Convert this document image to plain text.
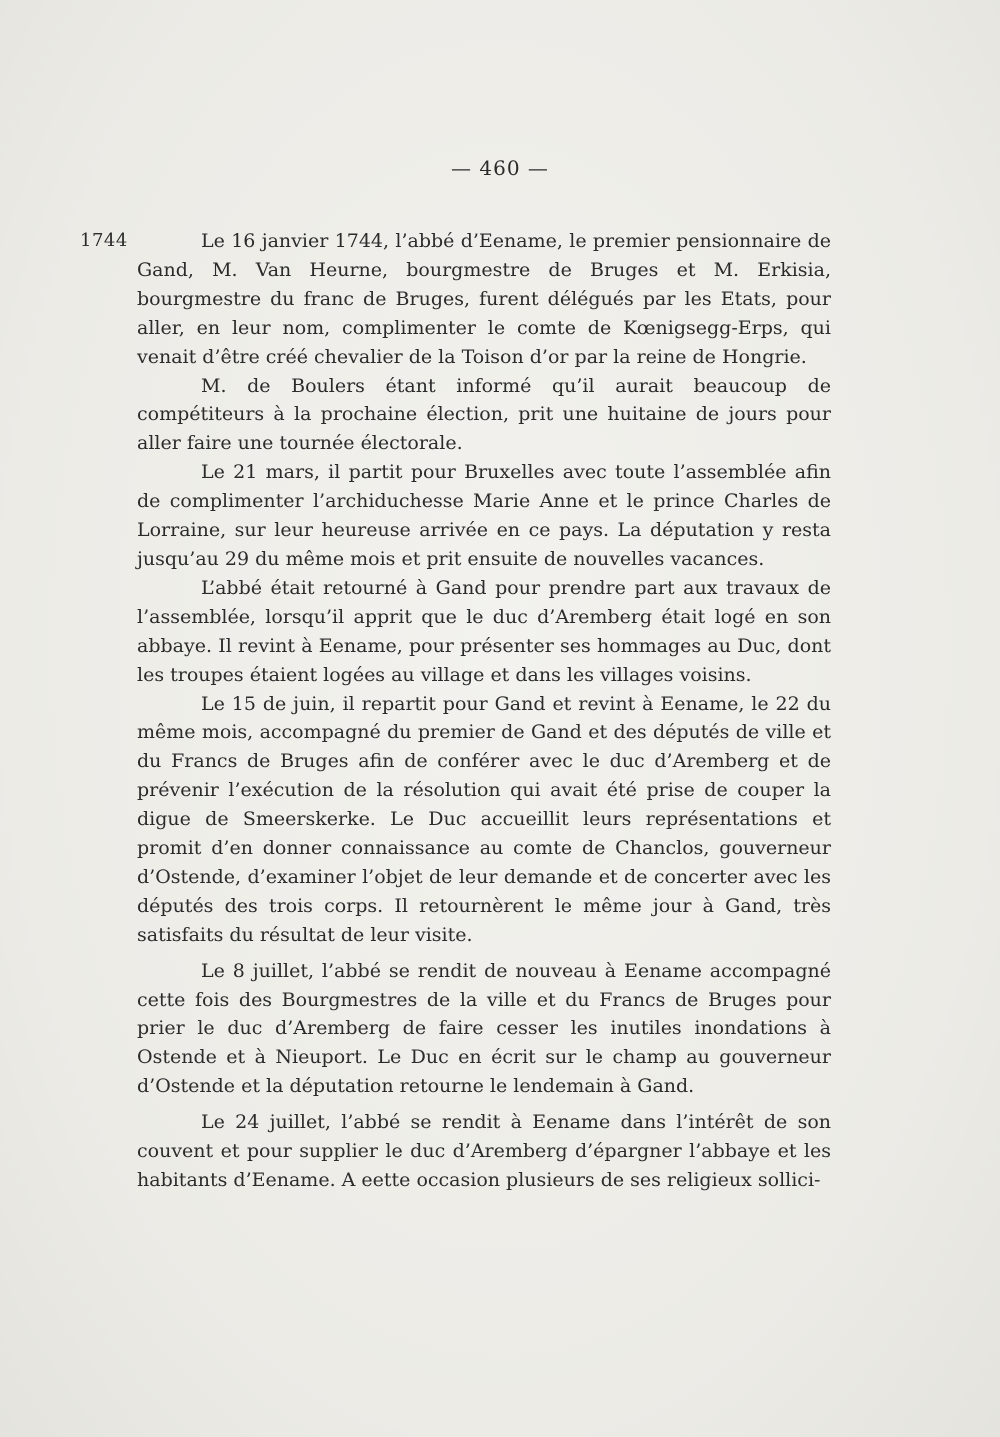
— 460 —
1744	Le 16 janvier 1744, l’abbé d’Eename, le premier pensionnaire de Gand, M. Van Heurne, bourgmestre de Bruges et M. Erkisia, bourgmestre du franc de Bruges, furent délégués par les Etats, pour aller, en leur nom, complimenter le comte de Kœnigsegg-Erps, qui venait d’être créé chevalier de la Toison d’or par la reine de Hongrie.

M. de Boulers étant informé qu’il aurait beaucoup de compétiteurs à la prochaine élection, prit une huitaine de jours pour aller faire une tournée électorale.

Le 21 mars, il partit pour Bruxelles avec toute l’assemblée afin de complimenter l’archiduchesse Marie Anne et le prince Charles de Lorraine, sur leur heureuse arrivée en ce pays. La députation y resta jusqu’au 29 du même mois et prit ensuite de nouvelles vacances.

L’abbé était retourné à Gand pour prendre part aux travaux de l’assemblée, lorsqu’il apprit que le duc d’Aremberg était logé en son abbaye. Il revint à Eename, pour présenter ses hommages au Duc, dont les troupes étaient logées au village et dans les villages voisins.

Le 15 de juin, il repartit pour Gand et revint à Eename, le 22 du même mois, accompagné du premier de Gand et des députés de ville et du Francs de Bruges afin de conférer avec le duc d’Aremberg et de prévenir l’exécution de la résolution qui avait été prise de couper la digue de Smeerskerke. Le Duc accueillit leurs représentations et promit d’en donner connaissance au comte de Chanclos, gouverneur d’Ostende, d’examiner l’objet de leur demande et de concerter avec les députés des trois corps. Il retournèrent le même jour à Gand, très satisfaits du résultat de leur visite.

Le 8 juillet, l’abbé se rendit de nouveau à Eename accompagné cette fois des Bourgmestres de la ville et du Francs de Bruges pour prier le duc d’Aremberg de faire cesser les inutiles inondations à Ostende et à Nieuport. Le Duc en écrit sur le champ au gouverneur d’Ostende et la députation retourne le lendemain à Gand.

Le 24 juillet, l’abbé se rendit à Eename dans l’intérêt de son couvent et pour supplier le duc d’Aremberg d’épargner l’abbaye et les habitants d’Eename. A eette occasion plusieurs de ses religieux sollici-
